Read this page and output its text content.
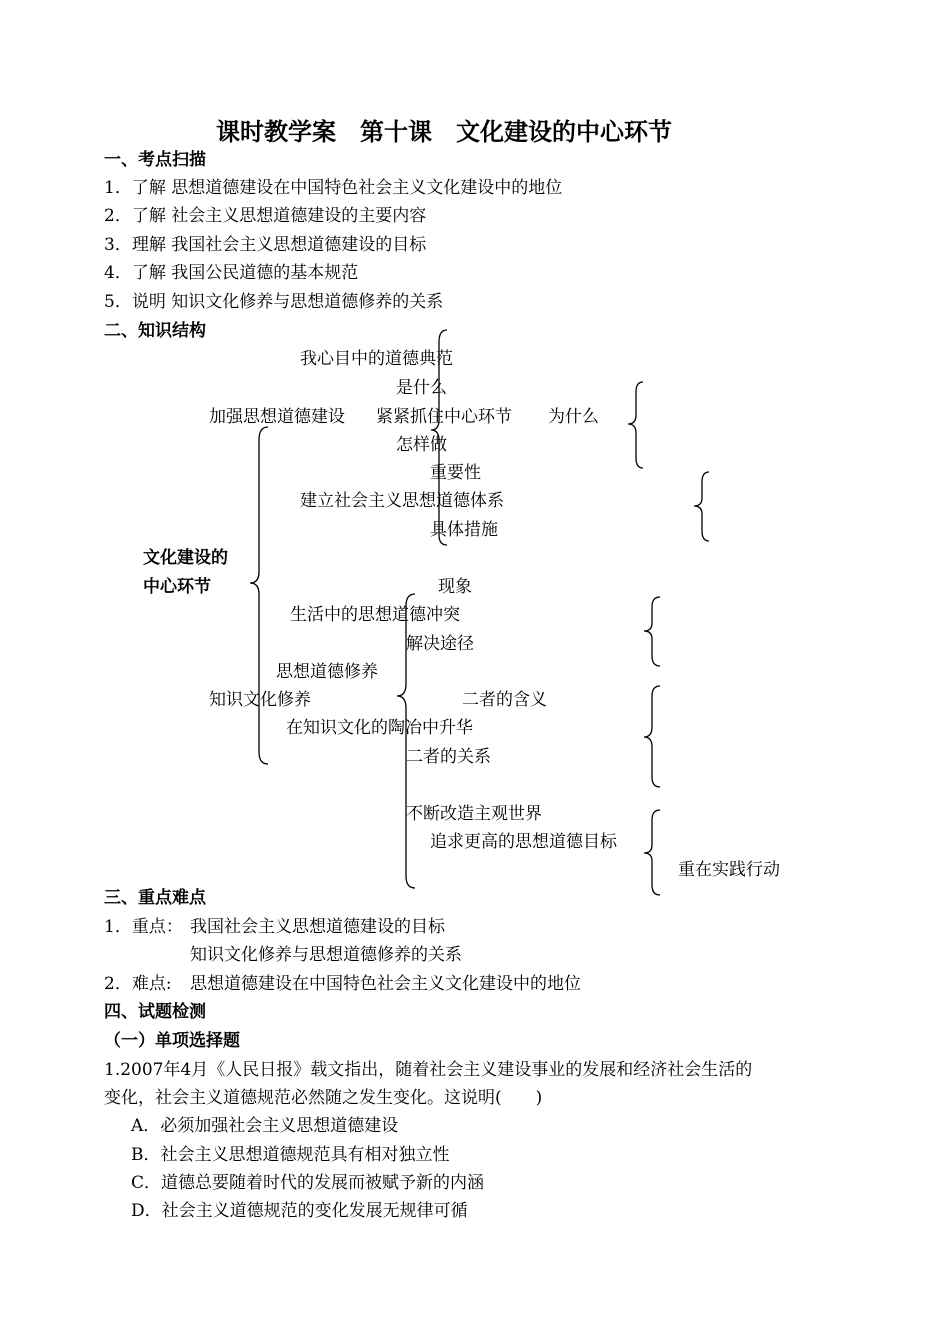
课时教学案　第十课　文化建设的中心环节
一、考点扫描
1．了解 思想道德建设在中国特色社会主义文化建设中的地位
2．了解 社会主义思想道德建设的主要内容
3．理解 我国社会主义思想道德建设的目标
4．了解 我国公民道德的基本规范
5．说明 知识文化修养与思想道德修养的关系
二、知识结构
文化建设的
中心环节
我心目中的道德典范
是什么
加强思想道德建设 紧紧抓住中心环节 为什么
怎样做
重要性
建立社会主义思想道德体系
具体措施
现象
生活中的思想道德冲突
解决途径
思想道德修养
知识文化修养	二者的含义
在知识文化的陶冶中升华
二者的关系
不断改造主观世界
追求更高的思想道德目标
重在实践行动
三、重点难点
1．重点： 我国社会主义思想道德建设的目标
知识文化修养与思想道德修养的关系
2．难点: 思想道德建设在中国特色社会主义文化建设中的地位
四、试题检测
（一）单项选择题
1.2007年4月《人民日报》载文指出，随着社会主义建设事业的发展和经济社会生活的
变化，社会主义道德规范必然随之发生变化。这说明(　　)
A．必须加强社会主义思想道德建设
B．社会主义思想道德规范具有相对独立性
C．道德总要随着时代的发展而被赋予新的内涵
D．社会主义道德规范的变化发展无规律可循
